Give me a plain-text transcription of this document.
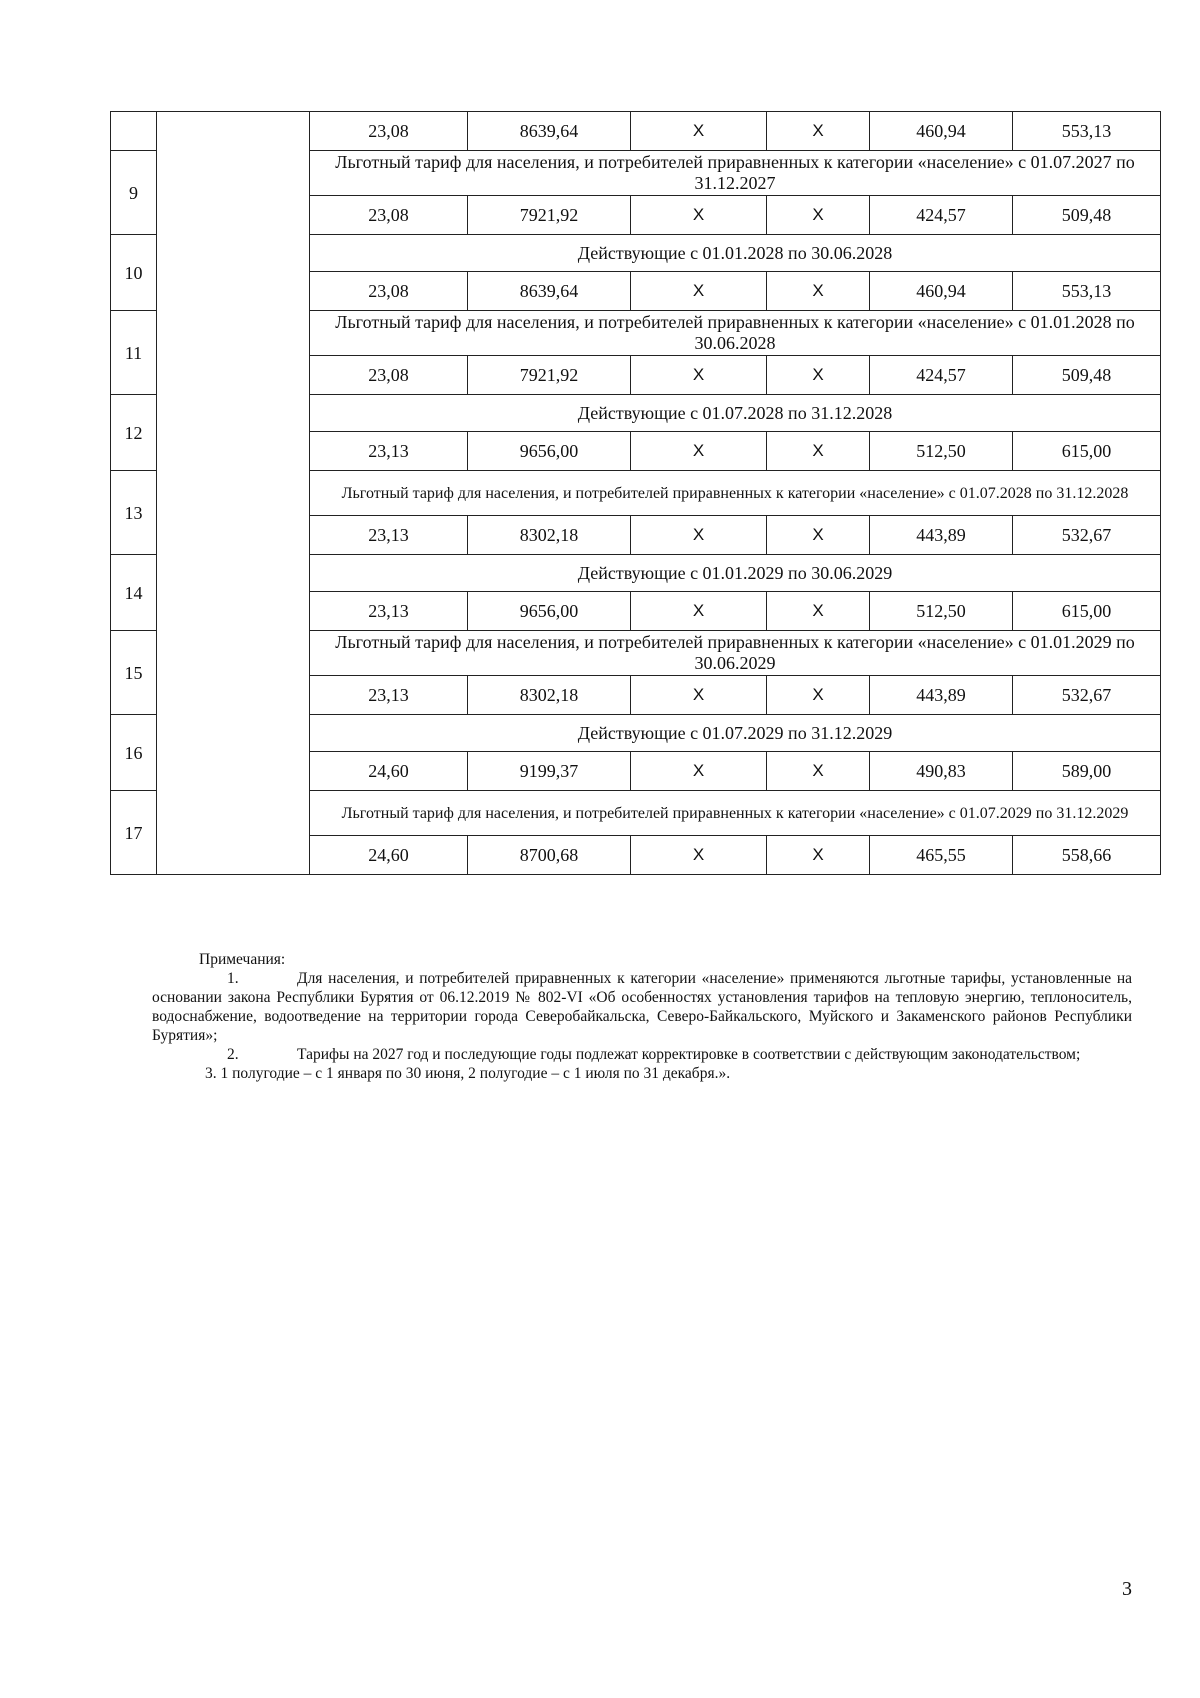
		23,08	8639,64	X	X	460,94	553,13
9		Льготный тариф для населения, и потребителей приравненных к категории «население» с 01.07.2027 по 31.12.2027					
		23,08	7921,92	X	X	424,57	509,48
10		Действующие с 01.01.2028 по 30.06.2028					
		23,08	8639,64	X	X	460,94	553,13
11		Льготный тариф для населения, и потребителей приравненных к категории «население» с 01.01.2028 по 30.06.2028					
		23,08	7921,92	X	X	424,57	509,48
12		Действующие с 01.07.2028 по 31.12.2028					
		23,13	9656,00	X	X	512,50	615,00
13		Льготный тариф для населения, и потребителей приравненных к категории «население» с 01.07.2028 по 31.12.2028					
		23,13	8302,18	X	X	443,89	532,67
14		Действующие с 01.01.2029 по 30.06.2029					
		23,13	9656,00	X	X	512,50	615,00
15		Льготный тариф для населения, и потребителей приравненных к категории «население» с 01.01.2029 по 30.06.2029					
		23,13	8302,18	X	X	443,89	532,67
16		Действующие с 01.07.2029 по 31.12.2029					
		24,60	9199,37	X	X	490,83	589,00
17		Льготный тариф для населения, и потребителей приравненных к категории «население» с 01.07.2029 по 31.12.2029					
		24,60	8700,68	X	X	465,55	558,66

Примечания:

1.	Для населения, и потребителей приравненных к категории «население» применяются льготные тарифы, установленные на основании закона Республики Бурятия от 06.12.2019 № 802-VI «Об особенностях установления тарифов на тепловую энергию, теплоноситель, водоснабжение, водоотведение на территории города Северобайкальска, Северо-Байкальского, Муйского и Закаменского районов Республики Бурятия»;

2.	Тарифы на 2027 год и последующие годы подлежат корректировке в соответствии с действующим законодательством;

3. 1 полугодие – с 1 января по 30 июня, 2 полугодие – с 1 июля по 31 декабря.».

3
